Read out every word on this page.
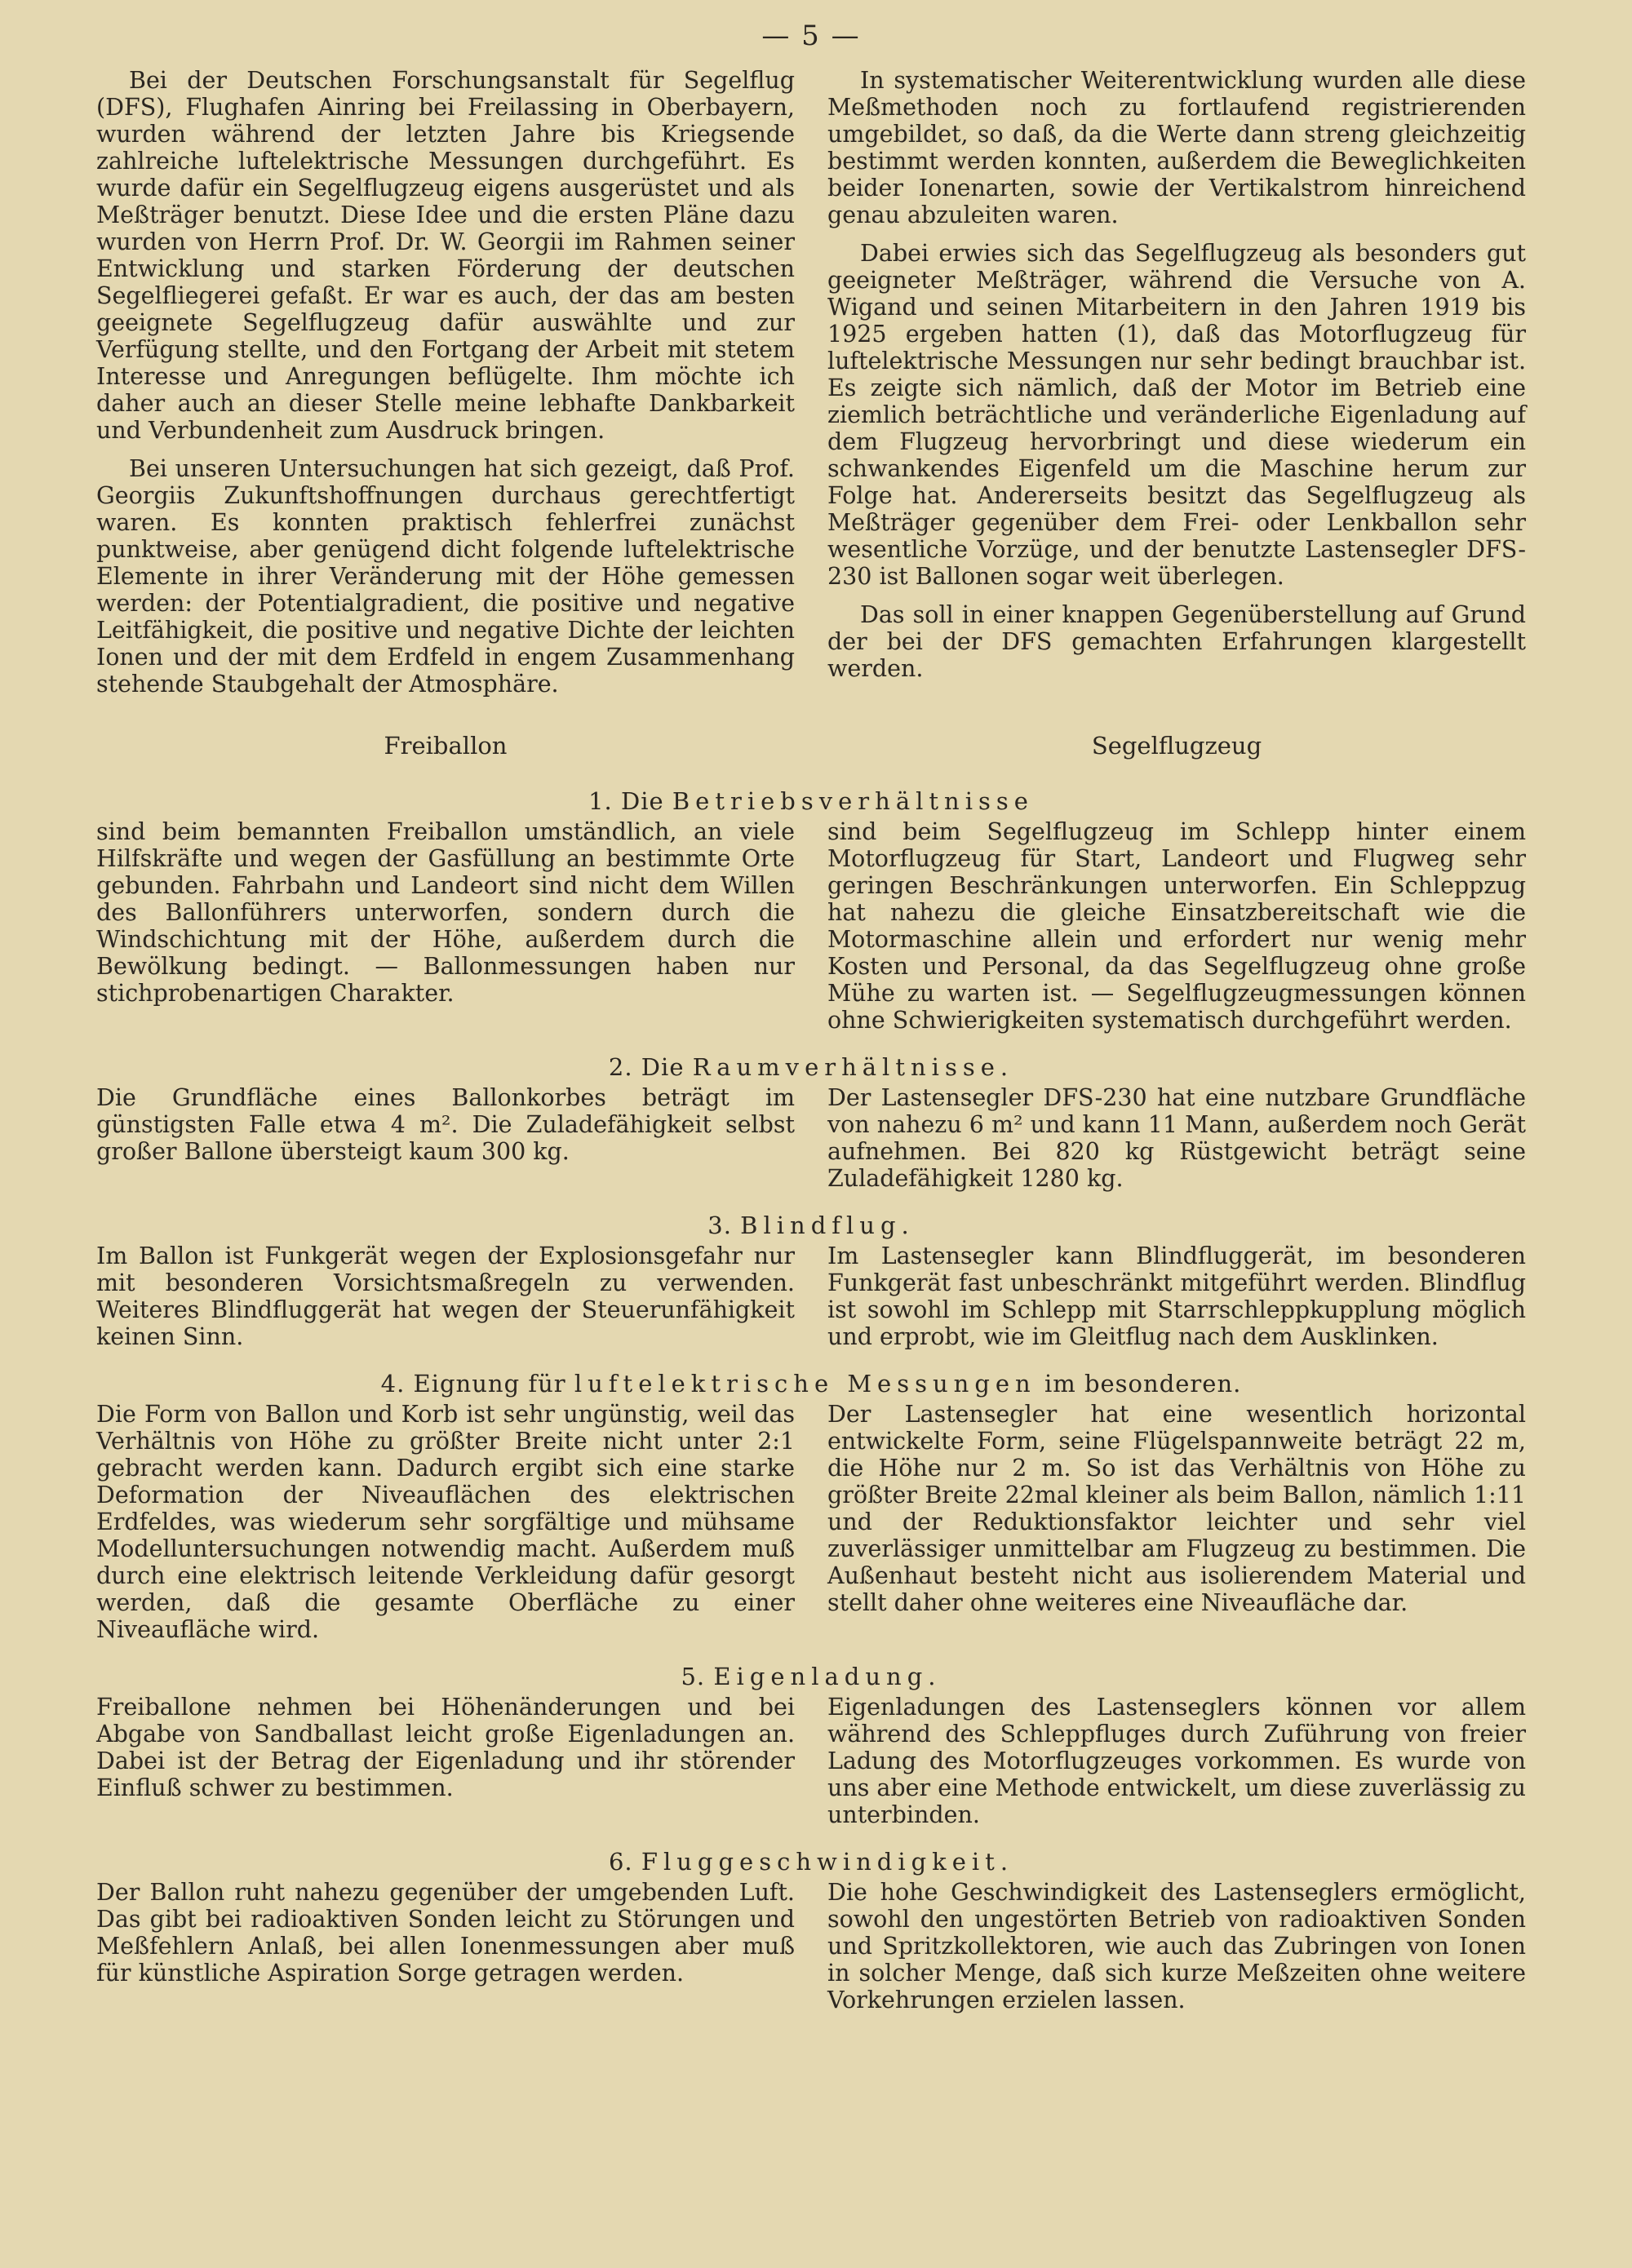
— 5 —

Bei der Deutschen Forschungsanstalt für Segelflug (DFS), Flughafen Ainring bei Freilassing in Oberbayern, wurden während der letzten Jahre bis Kriegsende zahlreiche luftelektrische Messungen durchgeführt. Es wurde dafür ein Segelflugzeug eigens ausgerüstet und als Meßträger benutzt. Diese Idee und die ersten Pläne dazu wurden von Herrn Prof. Dr. W. Georgii im Rahmen seiner Entwicklung und starken Förderung der deutschen Segelfliegerei gefaßt. Er war es auch, der das am besten geeignete Segelflugzeug dafür auswählte und zur Verfügung stellte, und den Fortgang der Arbeit mit stetem Interesse und Anregungen beflügelte. Ihm möchte ich daher auch an dieser Stelle meine lebhafte Dankbarkeit und Verbundenheit zum Ausdruck bringen.

Bei unseren Untersuchungen hat sich gezeigt, daß Prof. Georgiis Zukunftshoffnungen durchaus gerechtfertigt waren. Es konnten praktisch fehlerfrei zunächst punktweise, aber genügend dicht folgende luftelektrische Elemente in ihrer Veränderung mit der Höhe gemessen werden: der Potentialgradient, die positive und negative Leitfähigkeit, die positive und negative Dichte der leichten Ionen und der mit dem Erdfeld in engem Zusammenhang stehende Staubgehalt der Atmosphäre.

In systematischer Weiterentwicklung wurden alle diese Meßmethoden noch zu fortlaufend registrierenden umgebildet, so daß, da die Werte dann streng gleichzeitig bestimmt werden konnten, außerdem die Beweglichkeiten beider Ionenarten, sowie der Vertikalstrom hinreichend genau abzuleiten waren.

Dabei erwies sich das Segelflugzeug als besonders gut geeigneter Meßträger, während die Versuche von A. Wigand und seinen Mitarbeitern in den Jahren 1919 bis 1925 ergeben hatten (1), daß das Motorflugzeug für luftelektrische Messungen nur sehr bedingt brauchbar ist. Es zeigte sich nämlich, daß der Motor im Betrieb eine ziemlich beträchtliche und veränderliche Eigenladung auf dem Flugzeug hervorbringt und diese wiederum ein schwankendes Eigenfeld um die Maschine herum zur Folge hat. Andererseits besitzt das Segelflugzeug als Meßträger gegenüber dem Frei- oder Lenkballon sehr wesentliche Vorzüge, und der benutzte Lastensegler DFS-230 ist Ballonen sogar weit überlegen.

Das soll in einer knappen Gegenüberstellung auf Grund der bei der DFS gemachten Erfahrungen klargestellt werden.

Freiballon	Segelflugzeug
1. Die Betriebsverhältnisse

sind beim bemannten Freiballon umständlich, an viele Hilfskräfte und wegen der Gasfüllung an bestimmte Orte gebunden. Fahrbahn und Landeort sind nicht dem Willen des Ballonführers unterworfen, sondern durch die Windschichtung mit der Höhe, außerdem durch die Bewölkung bedingt. — Ballonmessungen haben nur stichprobenartigen Charakter.

sind beim Segelflugzeug im Schlepp hinter einem Motorflugzeug für Start, Landeort und Flugweg sehr geringen Beschränkungen unterworfen. Ein Schleppzug hat nahezu die gleiche Einsatzbereitschaft wie die Motormaschine allein und erfordert nur wenig mehr Kosten und Personal, da das Segelflugzeug ohne große Mühe zu warten ist. — Segelflugzeugmessungen können ohne Schwierigkeiten systematisch durchgeführt werden.

2. Die Raumverhältnisse.

Die Grundfläche eines Ballonkorbes beträgt im günstigsten Falle etwa 4 m². Die Zuladefähigkeit selbst großer Ballone übersteigt kaum 300 kg.

Der Lastensegler DFS-230 hat eine nutzbare Grundfläche von nahezu 6 m² und kann 11 Mann, außerdem noch Gerät aufnehmen. Bei 820 kg Rüstgewicht beträgt seine Zuladefähigkeit 1280 kg.

3. Blindflug.

Im Ballon ist Funkgerät wegen der Explosionsgefahr nur mit besonderen Vorsichtsmaßregeln zu verwenden. Weiteres Blindfluggerät hat wegen der Steuerunfähigkeit keinen Sinn.

Im Lastensegler kann Blindfluggerät, im besonderen Funkgerät fast unbeschränkt mitgeführt werden. Blindflug ist sowohl im Schlepp mit Starrschleppkupplung möglich und erprobt, wie im Gleitflug nach dem Ausklinken.

4. Eignung für luftelektrische Messungen im besonderen.

Die Form von Ballon und Korb ist sehr ungünstig, weil das Verhältnis von Höhe zu größter Breite nicht unter 2:1 gebracht werden kann. Dadurch ergibt sich eine starke Deformation der Niveauflächen des elektrischen Erdfeldes, was wiederum sehr sorgfältige und mühsame Modelluntersuchungen notwendig macht. Außerdem muß durch eine elektrisch leitende Verkleidung dafür gesorgt werden, daß die gesamte Oberfläche zu einer Niveaufläche wird.

Der Lastensegler hat eine wesentlich horizontal entwickelte Form, seine Flügelspannweite beträgt 22 m, die Höhe nur 2 m. So ist das Verhältnis von Höhe zu größter Breite 22mal kleiner als beim Ballon, nämlich 1:11 und der Reduktionsfaktor leichter und sehr viel zuverlässiger unmittelbar am Flugzeug zu bestimmen. Die Außenhaut besteht nicht aus isolierendem Material und stellt daher ohne weiteres eine Niveaufläche dar.

5. Eigenladung.

Freiballone nehmen bei Höhenänderungen und bei Abgabe von Sandballast leicht große Eigenladungen an. Dabei ist der Betrag der Eigenladung und ihr störender Einfluß schwer zu bestimmen.

Eigenladungen des Lastenseglers können vor allem während des Schleppfluges durch Zuführung von freier Ladung des Motorflugzeuges vorkommen. Es wurde von uns aber eine Methode entwickelt, um diese zuverlässig zu unterbinden.

6. Fluggeschwindigkeit.

Der Ballon ruht nahezu gegenüber der umgebenden Luft. Das gibt bei radioaktiven Sonden leicht zu Störungen und Meßfehlern Anlaß, bei allen Ionenmessungen aber muß für künstliche Aspiration Sorge getragen werden.

Die hohe Geschwindigkeit des Lastenseglers ermöglicht, sowohl den ungestörten Betrieb von radioaktiven Sonden und Spritzkollektoren, wie auch das Zubringen von Ionen in solcher Menge, daß sich kurze Meßzeiten ohne weitere Vorkehrungen erzielen lassen.
